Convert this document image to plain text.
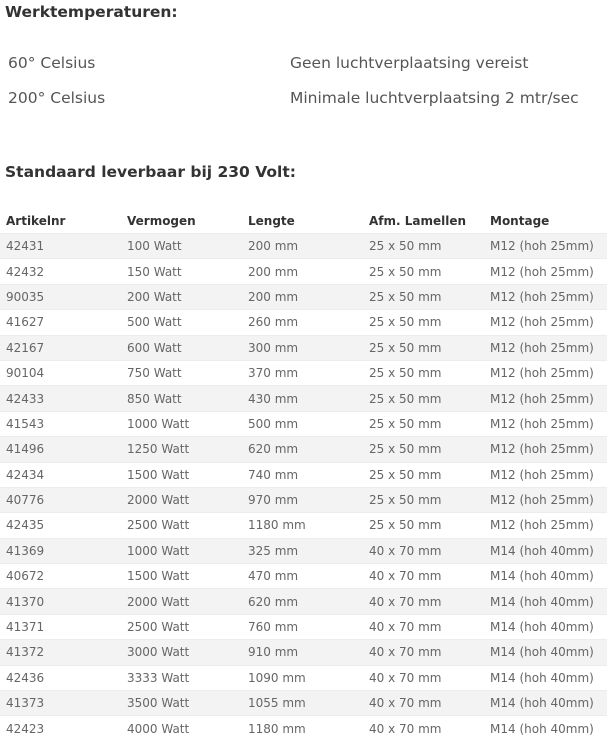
Werktemperaturen:
60° Celsius	Geen luchtverplaatsing vereist
200° Celsius	Minimale luchtverplaatsing 2 mtr/sec
Standaard leverbaar bij 230 Volt:
Artikelnr	Vermogen	Lengte	Afm. Lamellen	Montage
42431	100 Watt	200 mm	25 x 50 mm	M12 (hoh 25mm)
42432	150 Watt	200 mm	25 x 50 mm	M12 (hoh 25mm)
90035	200 Watt	200 mm	25 x 50 mm	M12 (hoh 25mm)
41627	500 Watt	260 mm	25 x 50 mm	M12 (hoh 25mm)
42167	600 Watt	300 mm	25 x 50 mm	M12 (hoh 25mm)
90104	750 Watt	370 mm	25 x 50 mm	M12 (hoh 25mm)
42433	850 Watt	430 mm	25 x 50 mm	M12 (hoh 25mm)
41543	1000 Watt	500 mm	25 x 50 mm	M12 (hoh 25mm)
41496	1250 Watt	620 mm	25 x 50 mm	M12 (hoh 25mm)
42434	1500 Watt	740 mm	25 x 50 mm	M12 (hoh 25mm)
40776	2000 Watt	970 mm	25 x 50 mm	M12 (hoh 25mm)
42435	2500 Watt	1180 mm	25 x 50 mm	M12 (hoh 25mm)
41369	1000 Watt	325 mm	40 x 70 mm	M14 (hoh 40mm)
40672	1500 Watt	470 mm	40 x 70 mm	M14 (hoh 40mm)
41370	2000 Watt	620 mm	40 x 70 mm	M14 (hoh 40mm)
41371	2500 Watt	760 mm	40 x 70 mm	M14 (hoh 40mm)
41372	3000 Watt	910 mm	40 x 70 mm	M14 (hoh 40mm)
42436	3333 Watt	1090 mm	40 x 70 mm	M14 (hoh 40mm)
41373	3500 Watt	1055 mm	40 x 70 mm	M14 (hoh 40mm)
42423	4000 Watt	1180 mm	40 x 70 mm	M14 (hoh 40mm)
